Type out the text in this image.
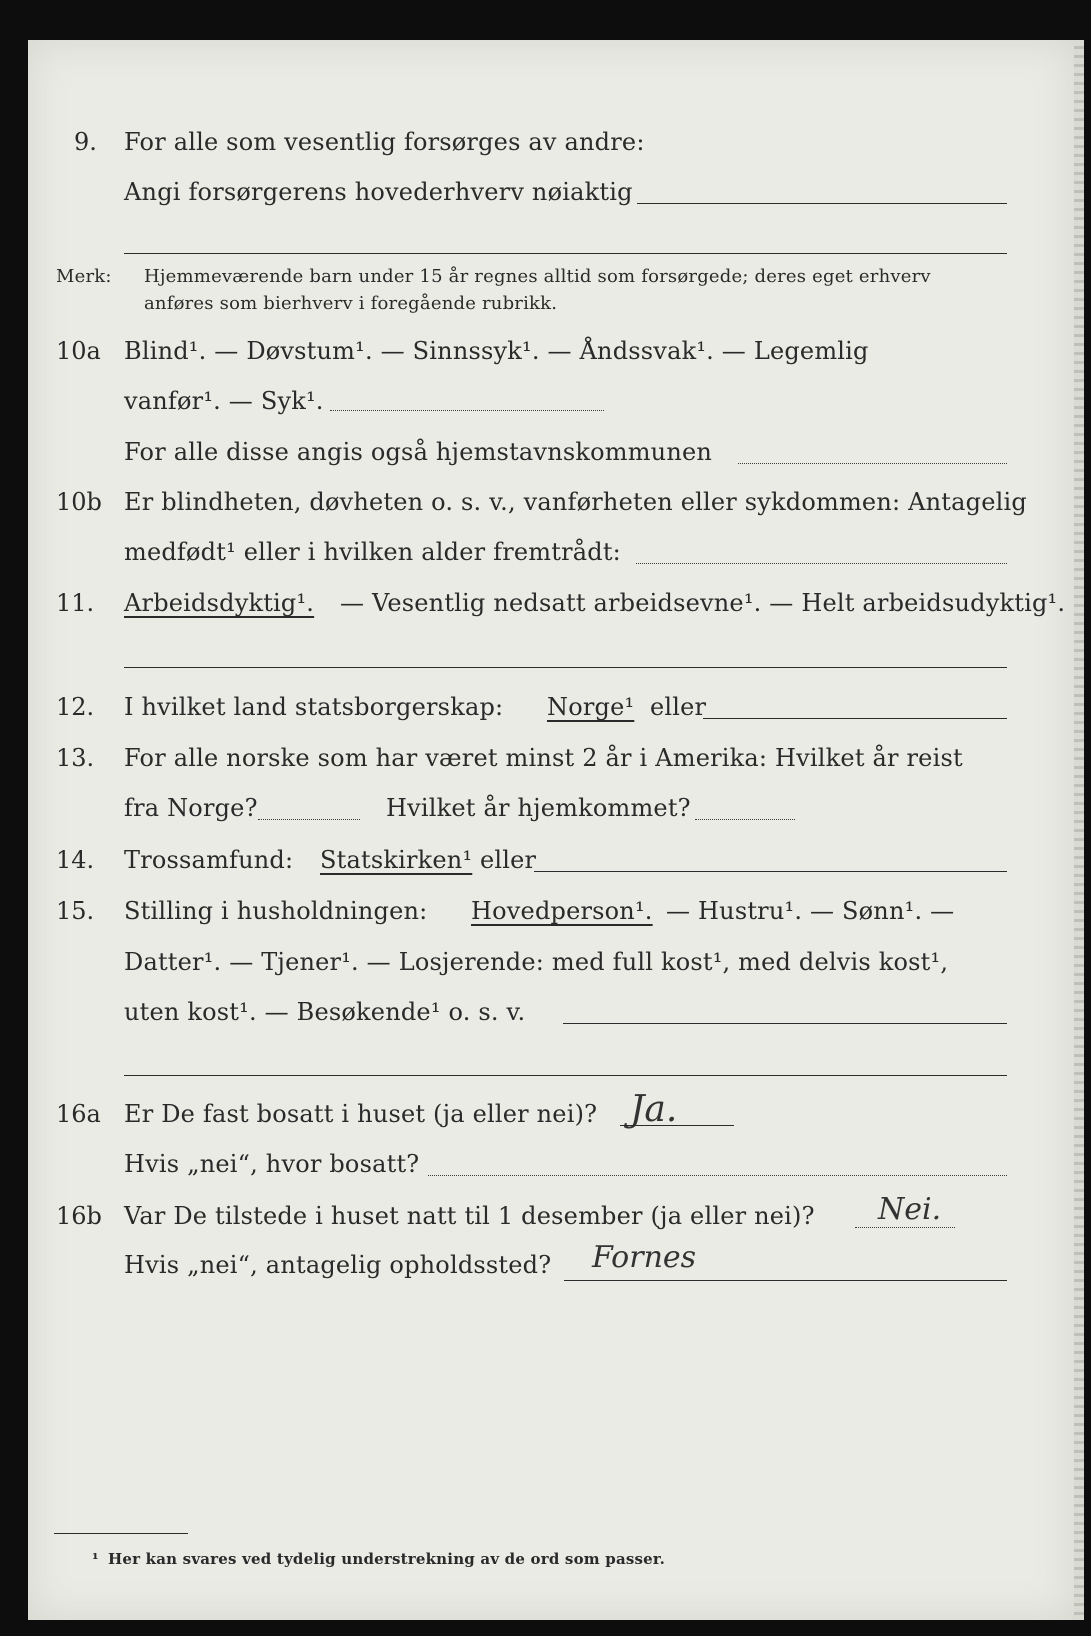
9. For alle som vesentlig forsørges av andre:
Angi forsørgerens hovederhverv nøiaktig
Merk: Hjemmeværende barn under 15 år regnes alltid som forsørgede; deres eget erhverv
anføres som bierhverv i foregående rubrikk.
10a Blind¹. — Døvstum¹. — Sinnssyk¹. — Åndssvak¹. — Legemlig
vanfør¹. — Syk¹.
For alle disse angis også hjemstavnskommunen
10b Er blindheten, døvheten o. s. v., vanførheten eller sykdommen: Antagelig
medfødt¹ eller i hvilken alder fremtrådt:
11. Arbeidsdyktig¹. — Vesentlig nedsatt arbeidsevne¹. — Helt arbeidsudyktig¹.
12. I hvilket land statsborgerskap: Norge¹ eller
13. For alle norske som har været minst 2 år i Amerika: Hvilket år reist
fra Norge?	Hvilket år hjemkommet?
14. Trossamfund: Statskirken¹ eller
15. Stilling i husholdningen: Hovedperson¹. — Hustru¹. — Sønn¹. —
Datter¹. — Tjener¹. — Losjerende: med full kost¹, med delvis kost¹,
uten kost¹. — Besøkende¹ o. s. v.
16a Er De fast bosatt i huset (ja eller nei)? Ja.
Hvis „nei“, hvor bosatt?
16b Var De tilstede i huset natt til 1 desember (ja eller nei)? Nei.
Hvis „nei“, antagelig opholdssted? Fornes
¹ Her kan svares ved tydelig understrekning av de ord som passer.
